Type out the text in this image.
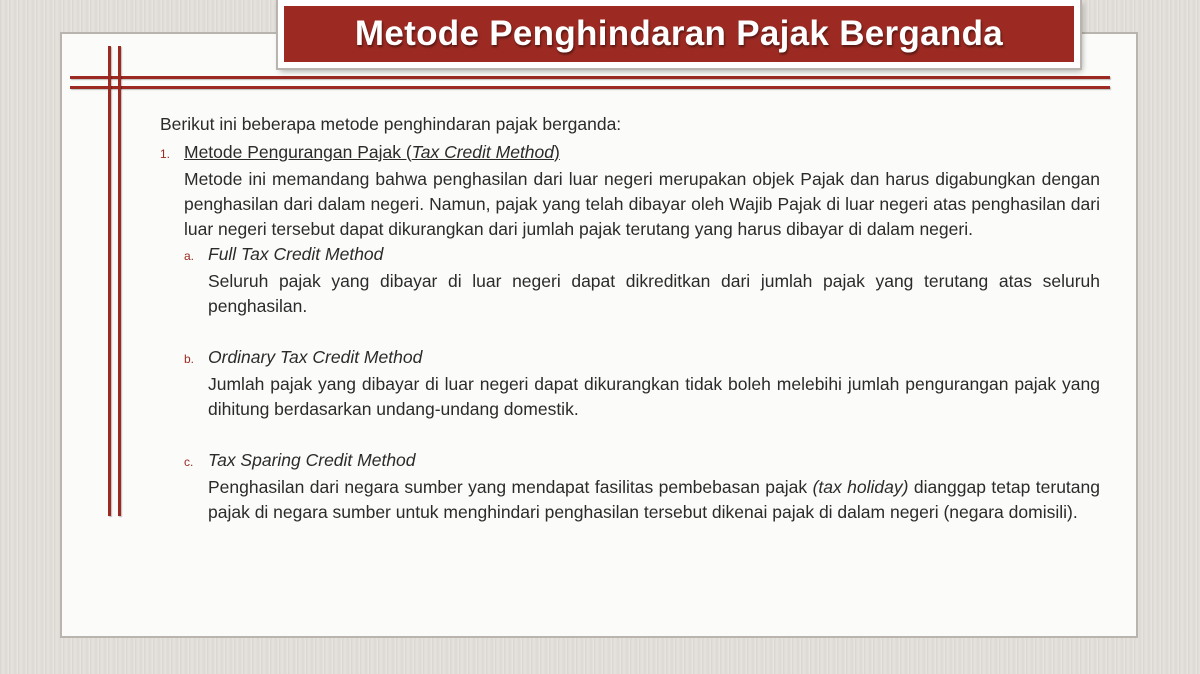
Metode Penghindaran Pajak Berganda

Berikut ini beberapa metode penghindaran pajak berganda:

1. Metode Pengurangan Pajak (Tax Credit Method)

Metode ini memandang bahwa penghasilan dari luar negeri merupakan objek Pajak dan harus digabungkan dengan penghasilan dari dalam negeri. Namun, pajak yang telah dibayar oleh Wajib Pajak di luar negeri atas penghasilan dari luar negeri tersebut dapat dikurangkan dari jumlah pajak terutang yang harus dibayar di dalam negeri.

a. Full Tax Credit Method

Seluruh pajak yang dibayar di luar negeri dapat dikreditkan dari jumlah pajak yang terutang atas seluruh penghasilan.

b. Ordinary Tax Credit Method

Jumlah pajak yang dibayar di luar negeri dapat dikurangkan tidak boleh melebihi jumlah pengurangan pajak yang dihitung berdasarkan undang-undang domestik.

c. Tax Sparing Credit Method

Penghasilan dari negara sumber yang mendapat fasilitas pembebasan pajak (tax holiday) dianggap tetap terutang pajak di negara sumber untuk menghindari penghasilan tersebut dikenai pajak di dalam negeri (negara domisili).
